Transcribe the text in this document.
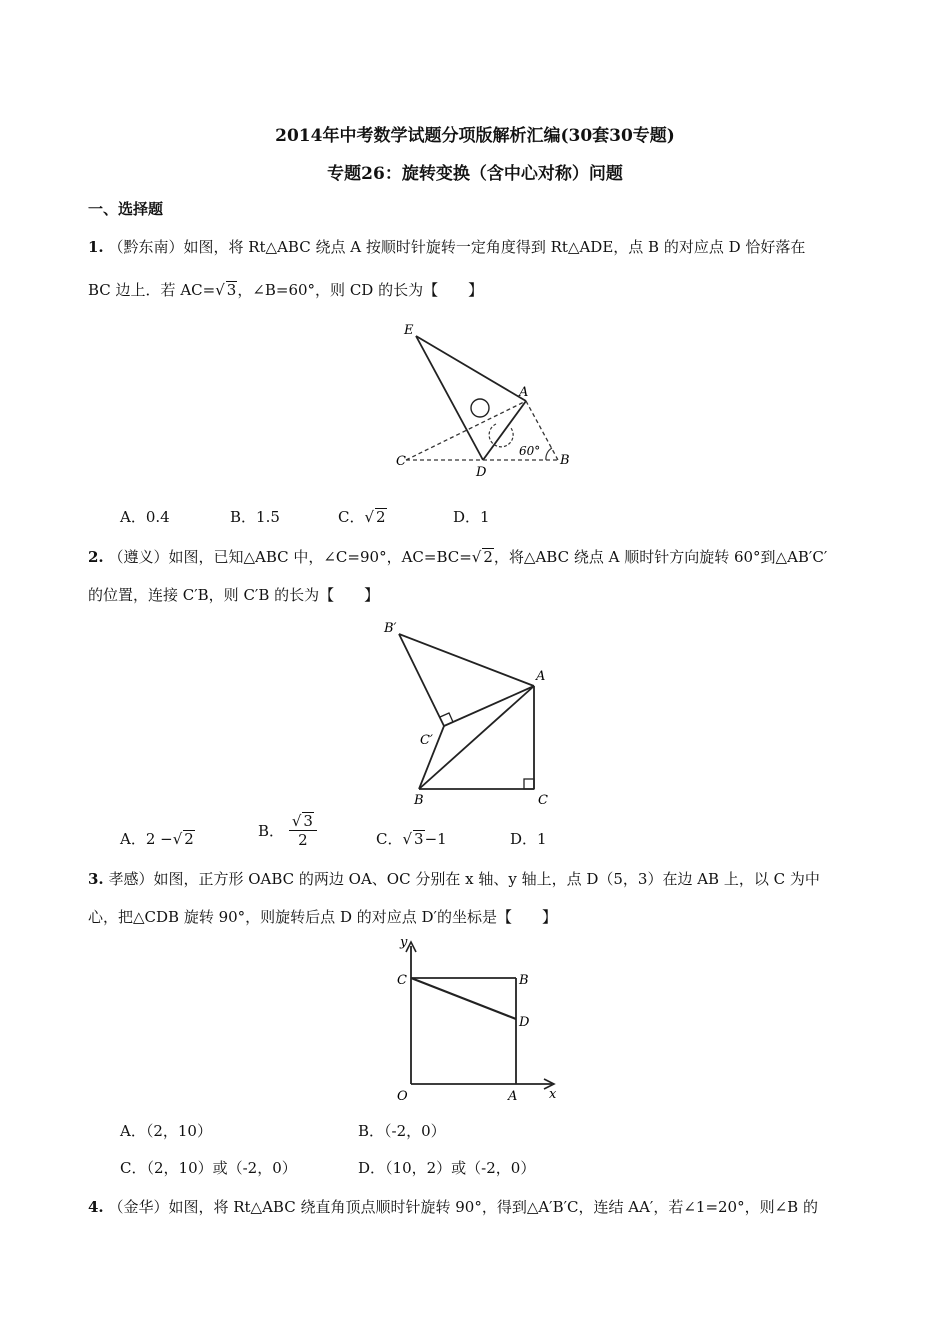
2014年中考数学试题分项版解析汇编(30套30专题)
专题26：旋转变换（含中心对称）问题
一、选择题
1. （黔东南）如图，将 Rt△ABC 绕点 A 按顺时针旋转一定角度得到 Rt△ADE，点 B 的对应点 D 恰好落在
BC 边上．若 AC=√ 3，∠B=60°，则 CD 的长为【　　】
E
A
C
D
B
60°
A．0.4	B．1.5	C．√ 2	D．1
2. （遵义）如图，已知△ABC 中，∠C=90°，AC=BC=√ 2，将△ABC 绕点 A 顺时针方向旋转 60°到△AB′C′
的位置，连接 C′B，则 C′B 的长为【　　】
B′
A
C′
B	C
A．2 −√ 2	B． $\frac{√ 3}{2}$	C．√ 3−1	D．1
3. 孝感）如图，正方形 OABC 的两边 OA、OC 分别在 x 轴、y 轴上，点 D（5，3）在边 AB 上，以 C 为中
心，把△CDB 旋转 90°，则旋转后点 D 的对应点 D′的坐标是【　　】
y
x
C	B
D
O	A
A．（2，10）	B．（-2，0）
C．（2，10）或（-2，0）	D．（10，2）或（-2，0）
4. （金华）如图，将 Rt△ABC 绕直角顶点顺时针旋转 90°，得到△A′B′C，连结 AA′，若∠1=20°，则∠B 的
